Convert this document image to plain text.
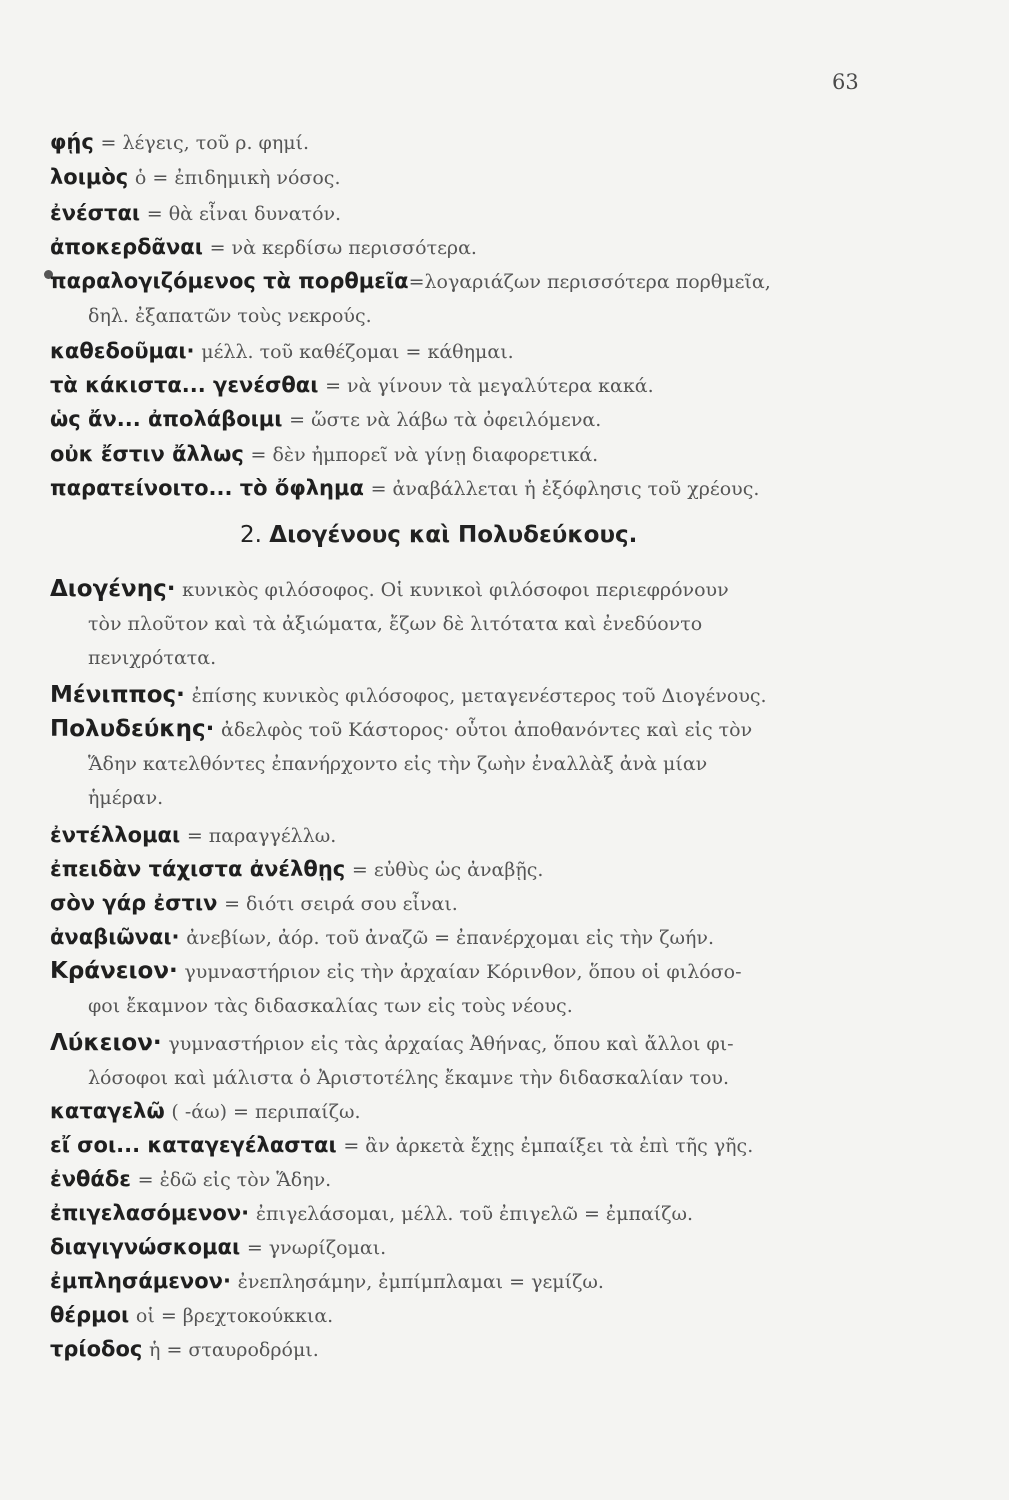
63
φῄς = λέγεις, τοῦ ρ. φημί.
λοιμὸς ὁ = ἐπιδημικὴ νόσος.
ἐνέσται = θὰ εἶναι δυνατόν.
ἀποκερδᾶναι = νὰ κερδίσω περισσότερα.
παραλογιζόμενος τὰ πορθμεῖα=λογαριάζων περισσότερα πορθμεῖα,
δηλ. ἐξαπατῶν τοὺς νεκρούς.
καθεδοῦμαι· μέλλ. τοῦ καθέζομαι = κάθημαι.
τὰ κάκιστα... γενέσθαι = νὰ γίνουν τὰ μεγαλύτερα κακά.
ὡς ἄν... ἀπολάβοιμι = ὥστε νὰ λάβω τὰ ὀφειλόμενα.
οὐκ ἔστιν ἄλλως = δὲν ἠμπορεῖ νὰ γίνῃ διαφορετικά.
παρατείνοιτο... τὸ ὄφλημα = ἀναβάλλεται ἡ ἐξόφλησις τοῦ χρέους.
2. Διογένους καὶ Πολυδεύκους.
Διογένης· κυνικὸς φιλόσοφος. Οἱ κυνικοὶ φιλόσοφοι περιεφρόνουν
τὸν πλοῦτον καὶ τὰ ἀξιώματα, ἔζων δὲ λιτότατα καὶ ἐνεδύοντο
πενιχρότατα.
Μένιππος· ἐπίσης κυνικὸς φιλόσοφος, μεταγενέστερος τοῦ Διογένους.
Πολυδεύκης· ἀδελφὸς τοῦ Κάστορος· οὗτοι ἀποθανόντες καὶ εἰς τὸν
Ἅδην κατελθόντες ἐπανήρχοντο εἰς τὴν ζωὴν ἐναλλὰξ ἀνὰ μίαν
ἡμέραν.
ἐντέλλομαι = παραγγέλλω.
ἐπειδὰν τάχιστα ἀνέλθῃς = εὐθὺς ὡς ἀναβῇς.
σὸν γάρ ἐστιν = διότι σειρά σου εἶναι.
ἀναβιῶναι· ἀνεβίων, ἀόρ. τοῦ ἀναζῶ = ἐπανέρχομαι εἰς τὴν ζωήν.
Κράνειον· γυμναστήριον εἰς τὴν ἀρχαίαν Κόρινθον, ὅπου οἱ φιλόσο-
φοι ἔκαμνον τὰς διδασκαλίας των εἰς τοὺς νέους.
Λύκειον· γυμναστήριον εἰς τὰς ἀρχαίας Ἀθήνας, ὅπου καὶ ἄλλοι φι-
λόσοφοι καὶ μάλιστα ὁ Ἀριστοτέλης ἔκαμνε τὴν διδασκαλίαν του.
καταγελῶ ( -άω) = περιπαίζω.
εἴ σοι... καταγεγέλασται = ἂν ἀρκετὰ ἔχῃς ἐμπαίξει τὰ ἐπὶ τῆς γῆς.
ἐνθάδε = ἐδῶ εἰς τὸν Ἅδην.
ἐπιγελασόμενον· ἐπιγελάσομαι, μέλλ. τοῦ ἐπιγελῶ = ἐμπαίζω.
διαγιγνώσκομαι = γνωρίζομαι.
ἐμπλησάμενον· ἐνεπλησάμην, ἐμπίμπλαμαι = γεμίζω.
θέρμοι οἱ = βρεχτοκούκκια.
τρίοδος ἡ = σταυροδρόμι.
